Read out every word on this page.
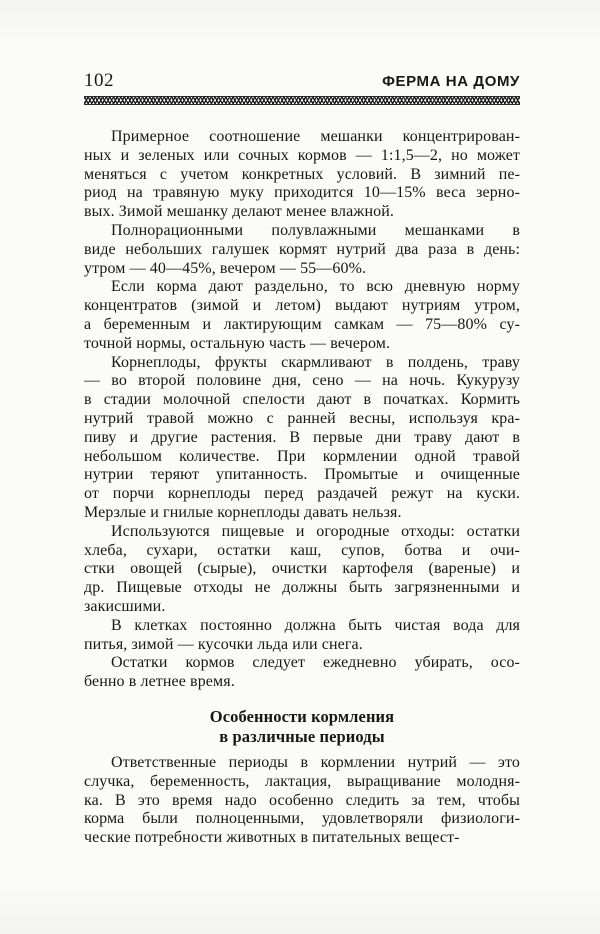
102	ФЕРМА НА ДОМУ
Примерное соотношение мешанки концентрирован-
ных и зеленых или сочных кормов — 1:1,5—2, но может
меняться с учетом конкретных условий. В зимний пе-
риод на травяную муку приходится 10—15% веса зерно-
вых. Зимой мешанку делают менее влажной.
Полнорационными полувлажными мешанками в
виде небольших галушек кормят нутрий два раза в день:
утром — 40—45%, вечером — 55—60%.
Если корма дают раздельно, то всю дневную норму
концентратов (зимой и летом) выдают нутриям утром,
а беременным и лактирующим самкам — 75—80% су-
точной нормы, остальную часть — вечером.
Корнеплоды, фрукты скармливают в полдень, траву
— во второй половине дня, сено — на ночь. Кукурузу
в стадии молочной спелости дают в початках. Кормить
нутрий травой можно с ранней весны, используя кра-
пиву и другие растения. В первые дни траву дают в
небольшом количестве. При кормлении одной травой
нутрии теряют упитанность. Промытые и очищенные
от порчи корнеплоды перед раздачей режут на куски.
Мерзлые и гнилые корнеплоды давать нельзя.
Используются пищевые и огородные отходы: остатки
хлеба, сухари, остатки каш, супов, ботва и очи-
стки овощей (сырые), очистки картофеля (вареные) и
др. Пищевые отходы не должны быть загрязненными и
закисшими.
В клетках постоянно должна быть чистая вода для
питья, зимой — кусочки льда или снега.
Остатки кормов следует ежедневно убирать, осо-
бенно в летнее время.
Особенности кормления
в различные периоды
Ответственные периоды в кормлении нутрий — это
случка, беременность, лактация, выращивание молодня-
ка. В это время надо особенно следить за тем, чтобы
корма были полноценными, удовлетворяли физиологи-
ческие потребности животных в питательных вещест-
